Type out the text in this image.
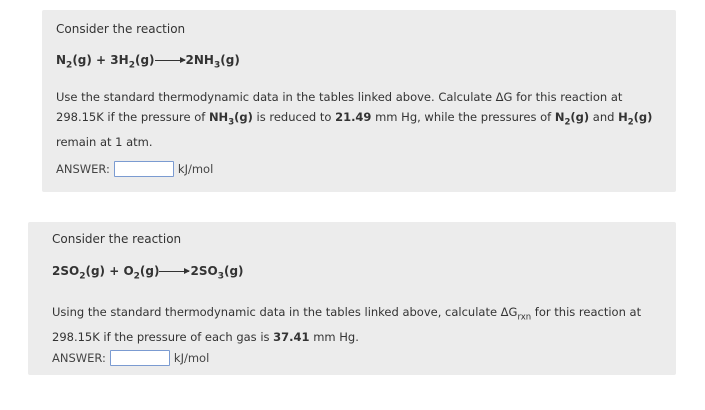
Consider the reaction
$N_2(g) + 3H_2(g)\to 2NH_3(g)$
Use the standard thermodynamic data in the tables linked above. Calculate ΔG for this reaction at 298.15K if the pressure of $NH_3(g)$ is reduced to 21.49 mm Hg, while the pressures of $N_2(g)$ and $H_2(g)$ remain at 1 atm.
ANSWER:	kJ/mol
Consider the reaction
$2SO_2(g) + O_2(g)\to 2SO_3(g)$
Using the standard thermodynamic data in the tables linked above, calculate $\Delta G_{rxn}$ for this reaction at 298.15K if the pressure of each gas is 37.41 mm Hg.
ANSWER:	kJ/mol
